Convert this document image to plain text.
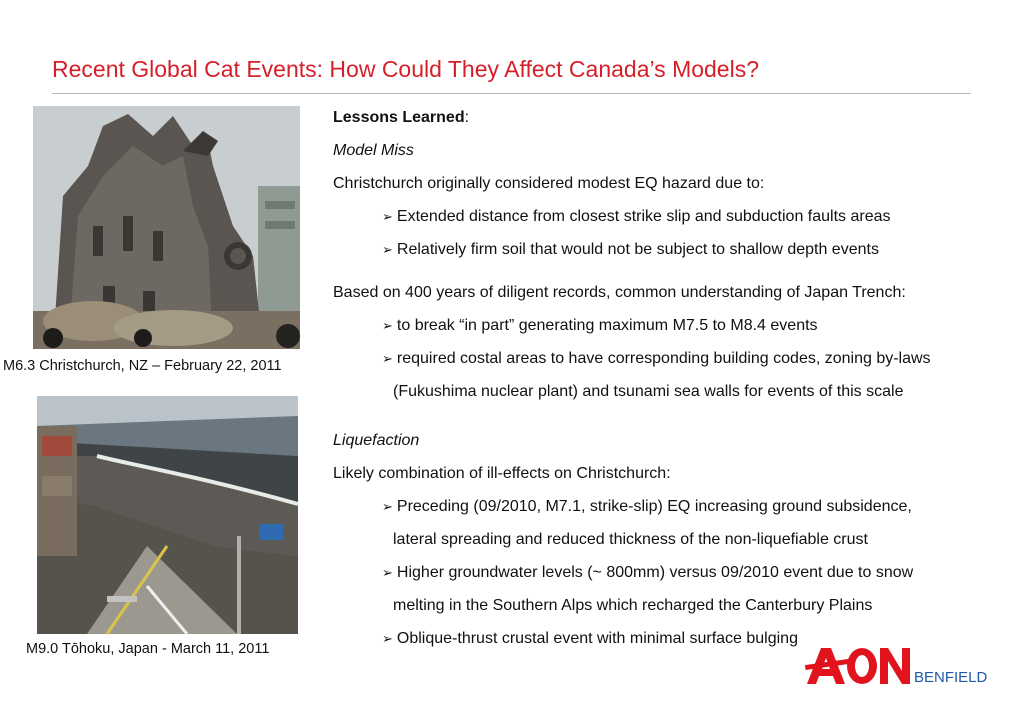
Recent Global Cat Events: How Could They Affect Canada’s Models?
M6.3 Christchurch, NZ – February 22, 2011
M9.0 Tōhoku, Japan - March 11, 2011
Lessons Learned:
Model Miss
Christchurch originally considered modest EQ hazard due to:
➢ Extended distance from closest strike slip and subduction faults areas
➢ Relatively firm soil that would not be subject to shallow depth events
Based on 400 years of diligent records, common understanding of Japan Trench:
➢ to break “in part” generating maximum M7.5 to M8.4 events
➢ required costal areas to have corresponding building codes, zoning by-laws
(Fukushima nuclear plant) and tsunami sea walls for events of this scale
Liquefaction
Likely combination of ill-effects on Christchurch:
➢ Preceding (09/2010, M7.1, strike-slip) EQ increasing ground subsidence,
lateral spreading and reduced thickness of the non-liquefiable crust
➢ Higher groundwater levels (~ 800mm) versus 09/2010 event due to snow
melting in the Southern Alps which recharged the Canterbury Plains
➢ Oblique-thrust crustal event with minimal surface bulging
BENFIELD
